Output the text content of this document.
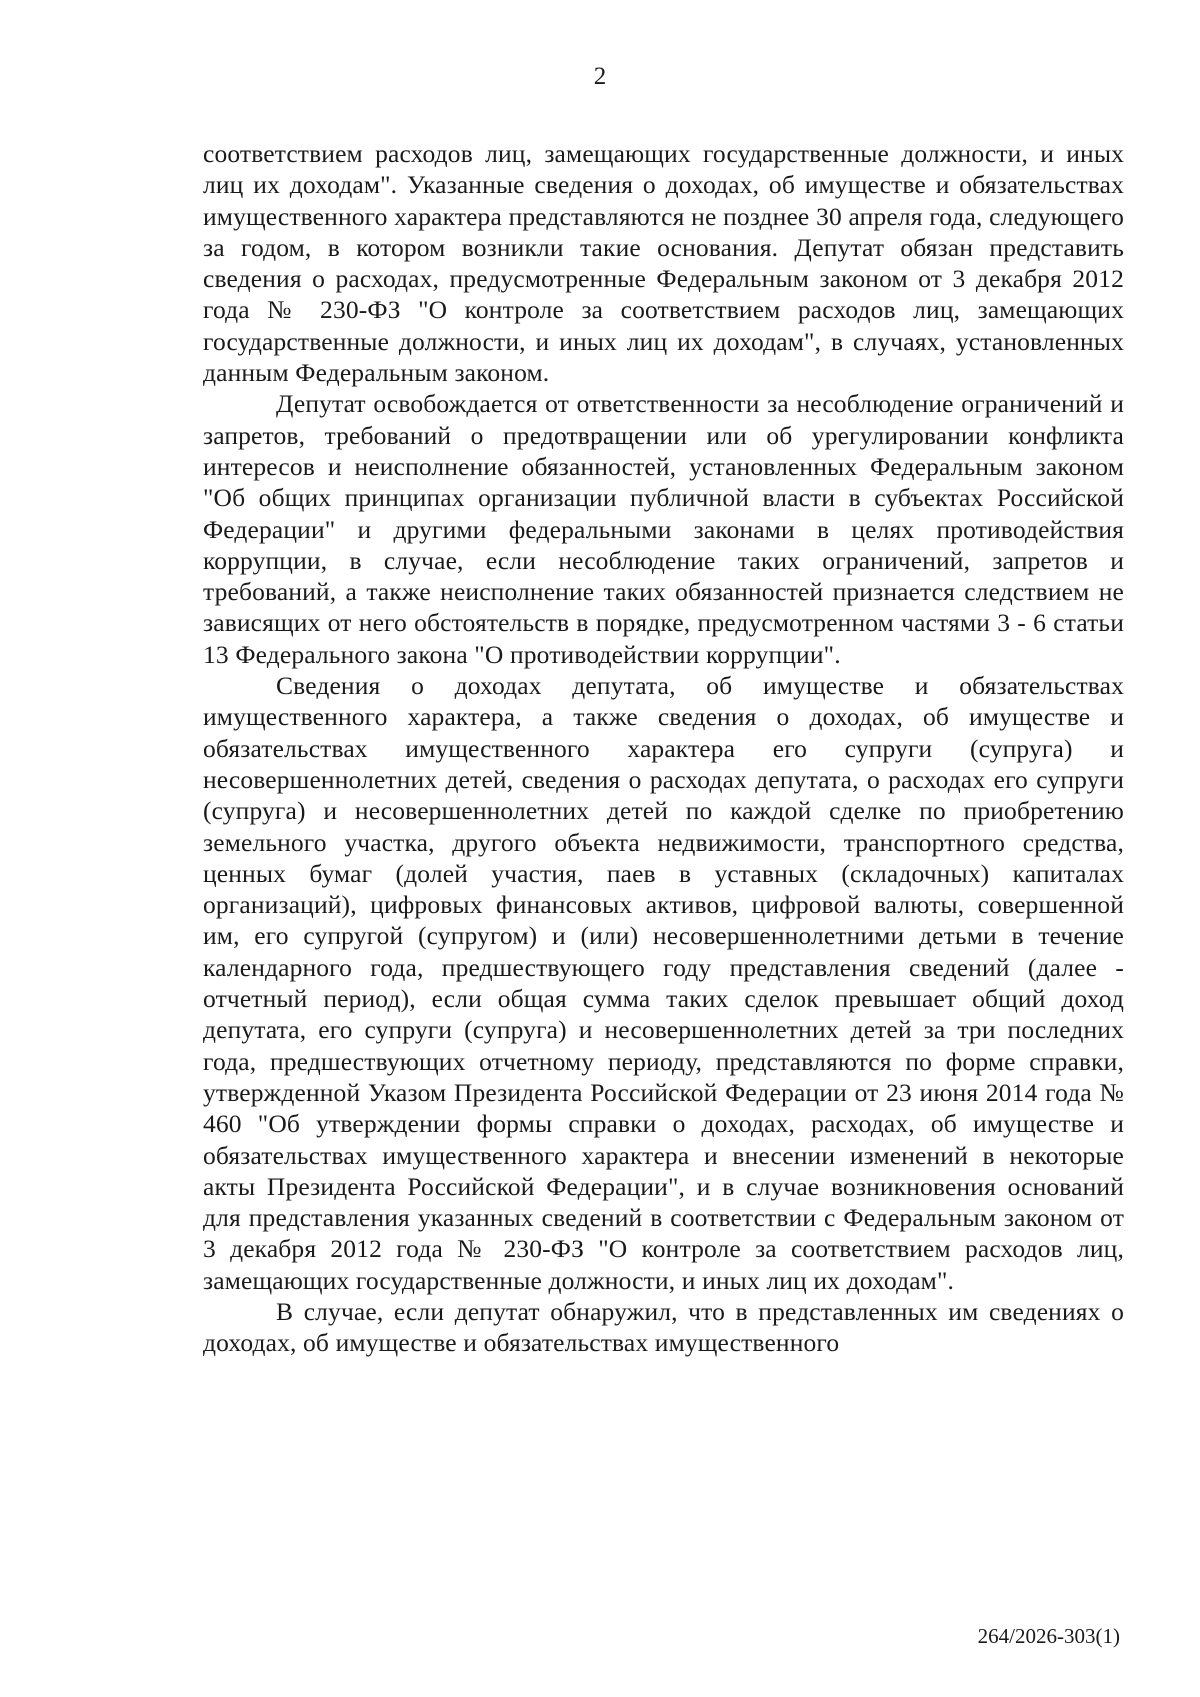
2

соответствием расходов лиц, замещающих государственные должности, и иных лиц их доходам". Указанные сведения о доходах, об имуществе и обязательствах имущественного характера представляются не позднее 30 апреля года, следующего за годом, в котором возникли такие основания. Депутат обязан представить сведения о расходах, предусмотренные Федеральным законом от 3 декабря 2012 года № 230-ФЗ "О контроле за соответствием расходов лиц, замещающих государственные должности, и иных лиц их доходам", в случаях, установленных данным Федеральным законом.

Депутат освобождается от ответственности за несоблюдение ограничений и запретов, требований о предотвращении или об урегулировании конфликта интересов и неисполнение обязанностей, установленных Федеральным законом "Об общих принципах организации публичной власти в субъектах Российской Федерации" и другими федеральными законами в целях противодействия коррупции, в случае, если несоблюдение таких ограничений, запретов и требований, а также неисполнение таких обязанностей признается следствием не зависящих от него обстоятельств в порядке, предусмотренном частями 3 - 6 статьи 13 Федерального закона "О противодействии коррупции".

Сведения о доходах депутата, об имуществе и обязательствах имущественного характера, а также сведения о доходах, об имуществе и обязательствах имущественного характера его супруги (супруга) и несовершеннолетних детей, сведения о расходах депутата, о расходах его супруги (супруга) и несовершеннолетних детей по каждой сделке по приобретению земельного участка, другого объекта недвижимости, транспортного средства, ценных бумаг (долей участия, паев в уставных (складочных) капиталах организаций), цифровых финансовых активов, цифровой валюты, совершенной им, его супругой (супругом) и (или) несовершеннолетними детьми в течение календарного года, предшествующего году представления сведений (далее - отчетный период), если общая сумма таких сделок превышает общий доход депутата, его супруги (супруга) и несовершеннолетних детей за три последних года, предшествующих отчетному периоду, представляются по форме справки, утвержденной Указом Президента Российской Федерации от 23 июня 2014 года № 460 "Об утверждении формы справки о доходах, расходах, об имуществе и обязательствах имущественного характера и внесении изменений в некоторые акты Президента Российской Федерации", и в случае возникновения оснований для представления указанных сведений в соответствии с Федеральным законом от 3 декабря 2012 года № 230-ФЗ "О контроле за соответствием расходов лиц, замещающих государственные должности, и иных лиц их доходам".

В случае, если депутат обнаружил, что в представленных им сведениях о доходах, об имуществе и обязательствах имущественного

264/2026-303(1)
